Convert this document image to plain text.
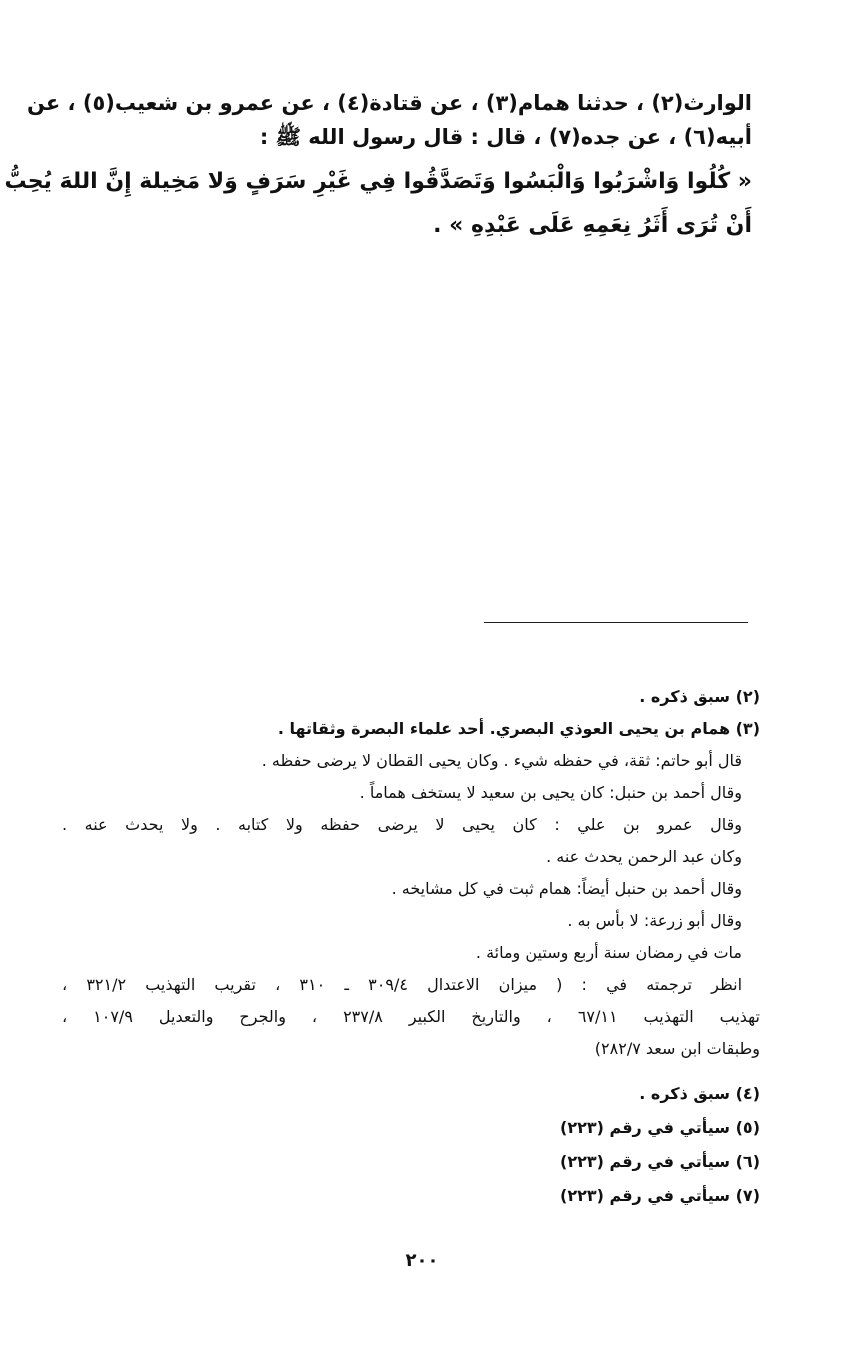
الوارث(٢) ، حدثنا همام(٣) ، عن قتادة(٤) ، عن عمرو بن شعيب(٥) ، عن
أبيه(٦) ، عن جده(٧) ، قال : قال رسول الله ﷺ :
« كُلُوا وَاشْرَبُوا وَالْبَسُوا وَتَصَدَّقُوا فِي غَيْرِ سَرَفٍ وَلا مَخِيلة إِنَّ اللهَ يُحِبُّ
أَنْ تُرَى أَثَرُ نِعَمِهِ عَلَى عَبْدِهِ » .
(٢) سبق ذكره .
(٣) همام بن يحيى العوذي البصري. أحد علماء البصرة وثقاتها .
قال أبو حاتم: ثقة، في حفظه شيء . وكان يحيى القطان لا يرضى حفظه .
وقال أحمد بن حنبل: كان يحيى بن سعيد لا يستخف هماماً .
وقال عمرو بن علي : كان يحيى لا يرضى حفظه ولا كتابه . ولا يحدث عنه .
وكان عبد الرحمن يحدث عنه .
وقال أحمد بن حنبل أيضاً: همام ثبت في كل مشايخه .
وقال أبو زرعة: لا بأس به .
مات في رمضان سنة أربع وستين ومائة .
انظر ترجمته في : ( ميزان الاعتدال ٣٠٩/٤ ـ ٣١٠ ، تقريب التهذيب ٣٢١/٢ ،
تهذيب التهذيب ٦٧/١١ ، والتاريخ الكبير ٢٣٧/٨ ، والجرح والتعديل ١٠٧/٩ ،
وطبقات ابن سعد ٢٨٢/٧)
(٤) سبق ذكره .
(٥) سيأتي في رقم (٢٢٣)
(٦) سيأتي في رقم (٢٢٣)
(٧) سيأتي في رقم (٢٢٣)
٢٠٠
